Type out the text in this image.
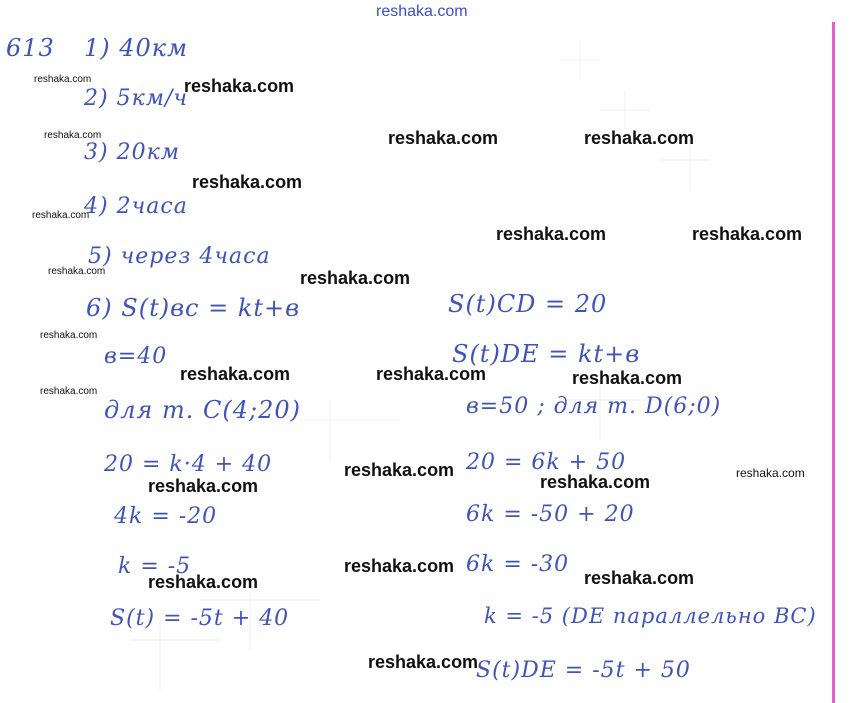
reshaka.com
613 1) 40км
2) 5км/ч
3) 20км
4) 2часа
5) через 4часа
6) S(t)вс = kt+в
в=40
для т. C(4;20)
20 = k·4 + 40
4k = -20
k = -5
S(t) = -5t + 40
S(t)CD = 20
S(t)DE = kt+в
в=50 ; для т. D(6;0)
20 = 6k + 50
6k = -50 + 20
6k = -30
k = -5 (DE параллельно ВС)
S(t)DE = -5t + 50
reshaka.com
reshaka.com
reshaka.com
reshaka.com
reshaka.com
reshaka.com
reshaka.com
reshaka.com
reshaka.com	reshaka.com
reshaka.com
reshaka.com	reshaka.com
reshaka.com
reshaka.com	reshaka.com	reshaka.com
reshaka.com
reshaka.com	reshaka.com
reshaka.com
reshaka.com	reshaka.com
reshaka.com
